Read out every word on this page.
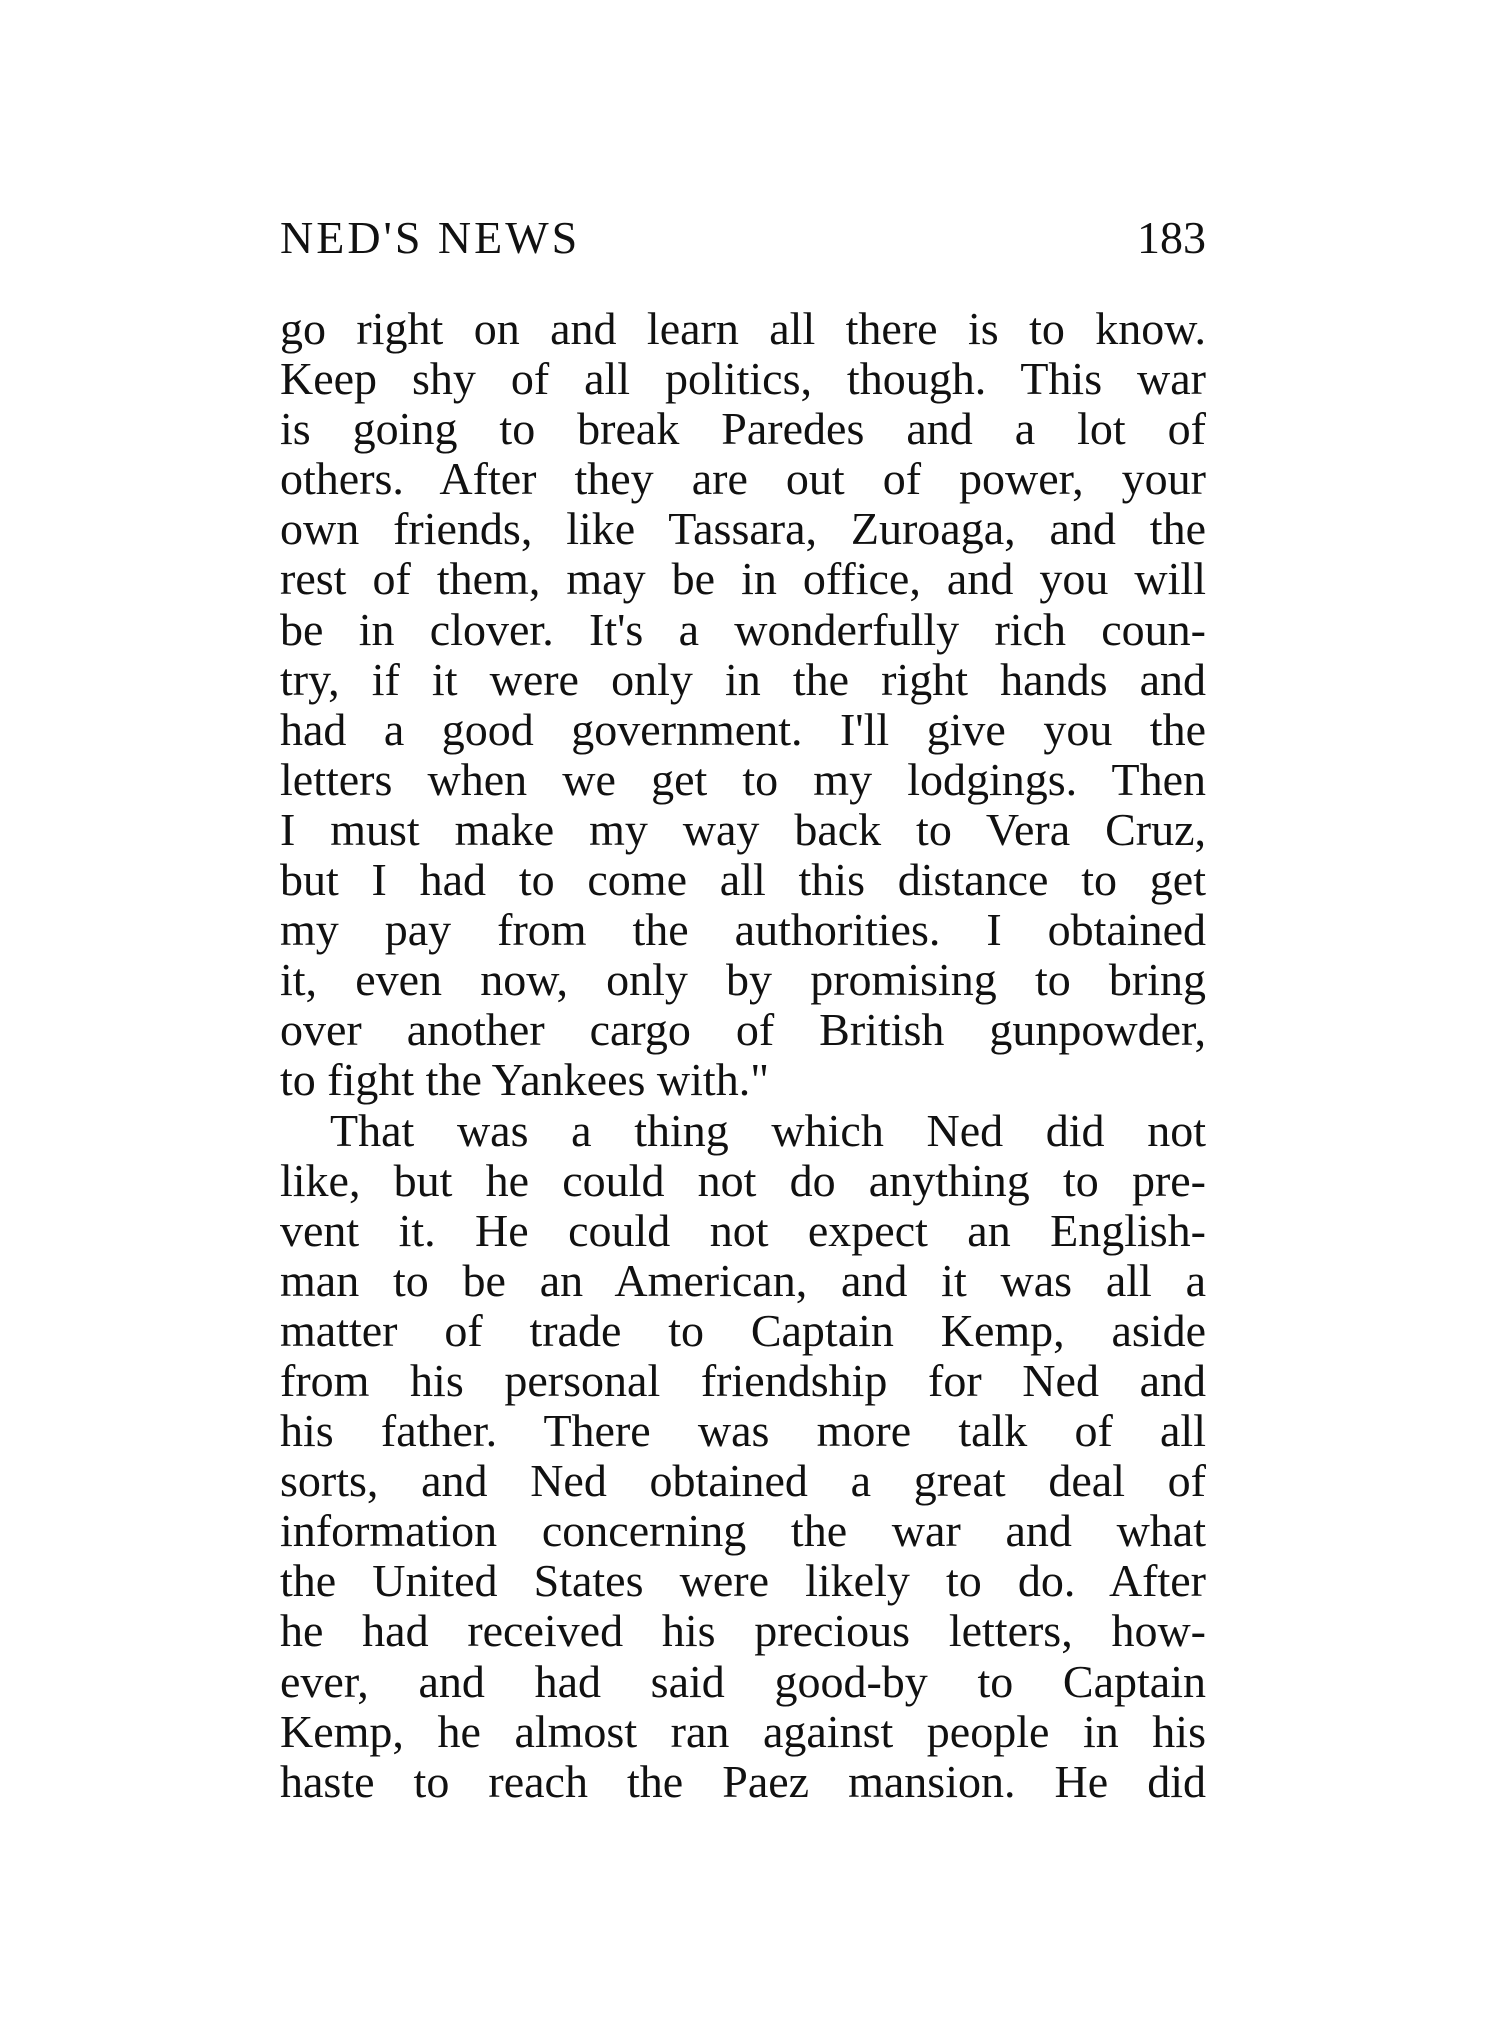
NED'S NEWS	183
go right on and learn all there is to know.
Keep shy of all politics, though. This war
is going to break Paredes and a lot of
others. After they are out of power, your
own friends, like Tassara, Zuroaga, and the
rest of them, may be in office, and you will
be in clover. It's a wonderfully rich coun-
try, if it were only in the right hands and
had a good government. I'll give you the
letters when we get to my lodgings. Then
I must make my way back to Vera Cruz,
but I had to come all this distance to get
my pay from the authorities. I obtained
it, even now, only by promising to bring
over another cargo of British gunpowder,
to fight the Yankees with."
That was a thing which Ned did not
like, but he could not do anything to pre-
vent it. He could not expect an English-
man to be an American, and it was all a
matter of trade to Captain Kemp, aside
from his personal friendship for Ned and
his father. There was more talk of all
sorts, and Ned obtained a great deal of
information concerning the war and what
the United States were likely to do. After
he had received his precious letters, how-
ever, and had said good-by to Captain
Kemp, he almost ran against people in his
haste to reach the Paez mansion. He did
